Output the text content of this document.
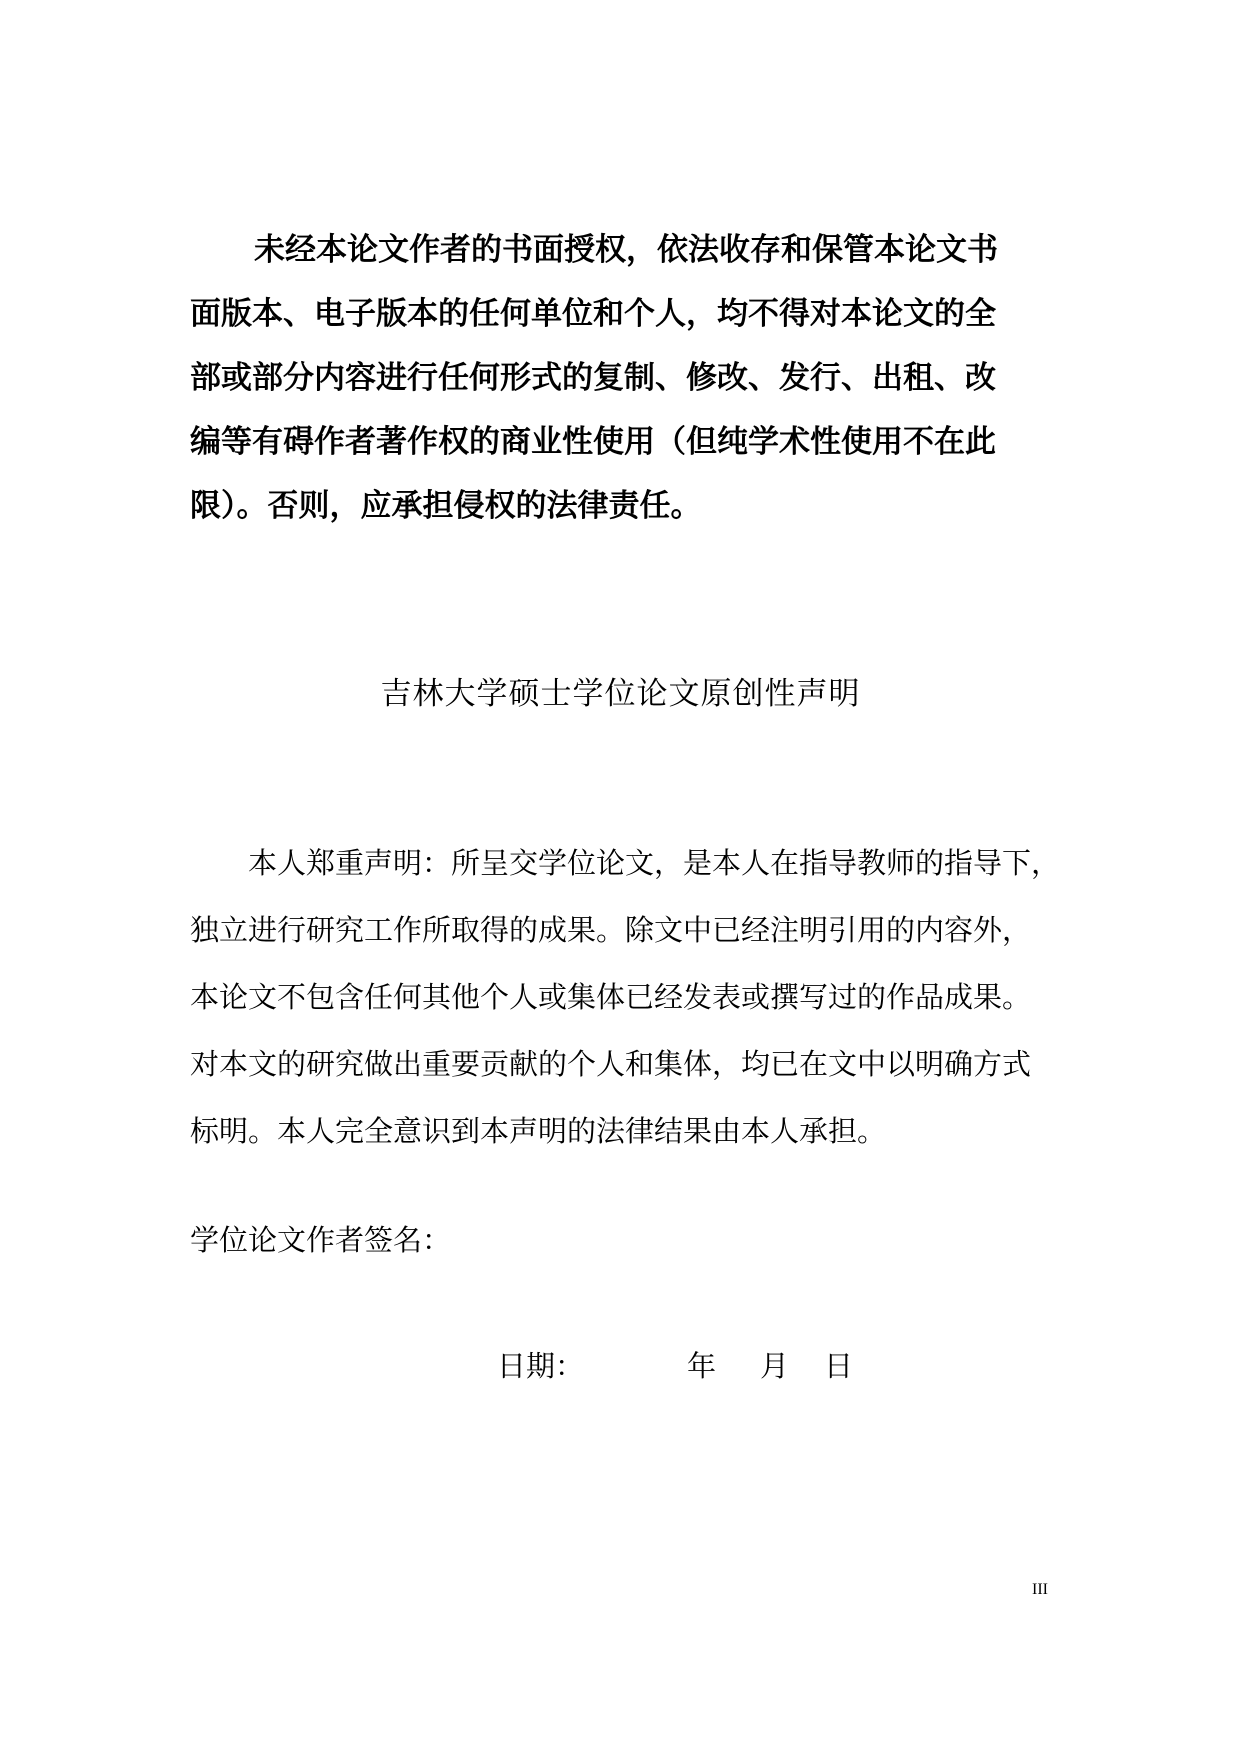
未经本论文作者的书面授权，依法收存和保管本论文书
面版本、电子版本的任何单位和个人，均不得对本论文的全
部或部分内容进行任何形式的复制、修改、发行、出租、改
编等有碍作者著作权的商业性使用（但纯学术性使用不在此
限）。否则，应承担侵权的法律责任。
吉林大学硕士学位论文原创性声明
本人郑重声明：所呈交学位论文，是本人在指导教师的指导下，
独立进行研究工作所取得的成果。除文中已经注明引用的内容外，
本论文不包含任何其他个人或集体已经发表或撰写过的作品成果。
对本文的研究做出重要贡献的个人和集体，均已在文中以明确方式
标明。本人完全意识到本声明的法律结果由本人承担。
学位论文作者签名：
日期：	年 月 日
III
